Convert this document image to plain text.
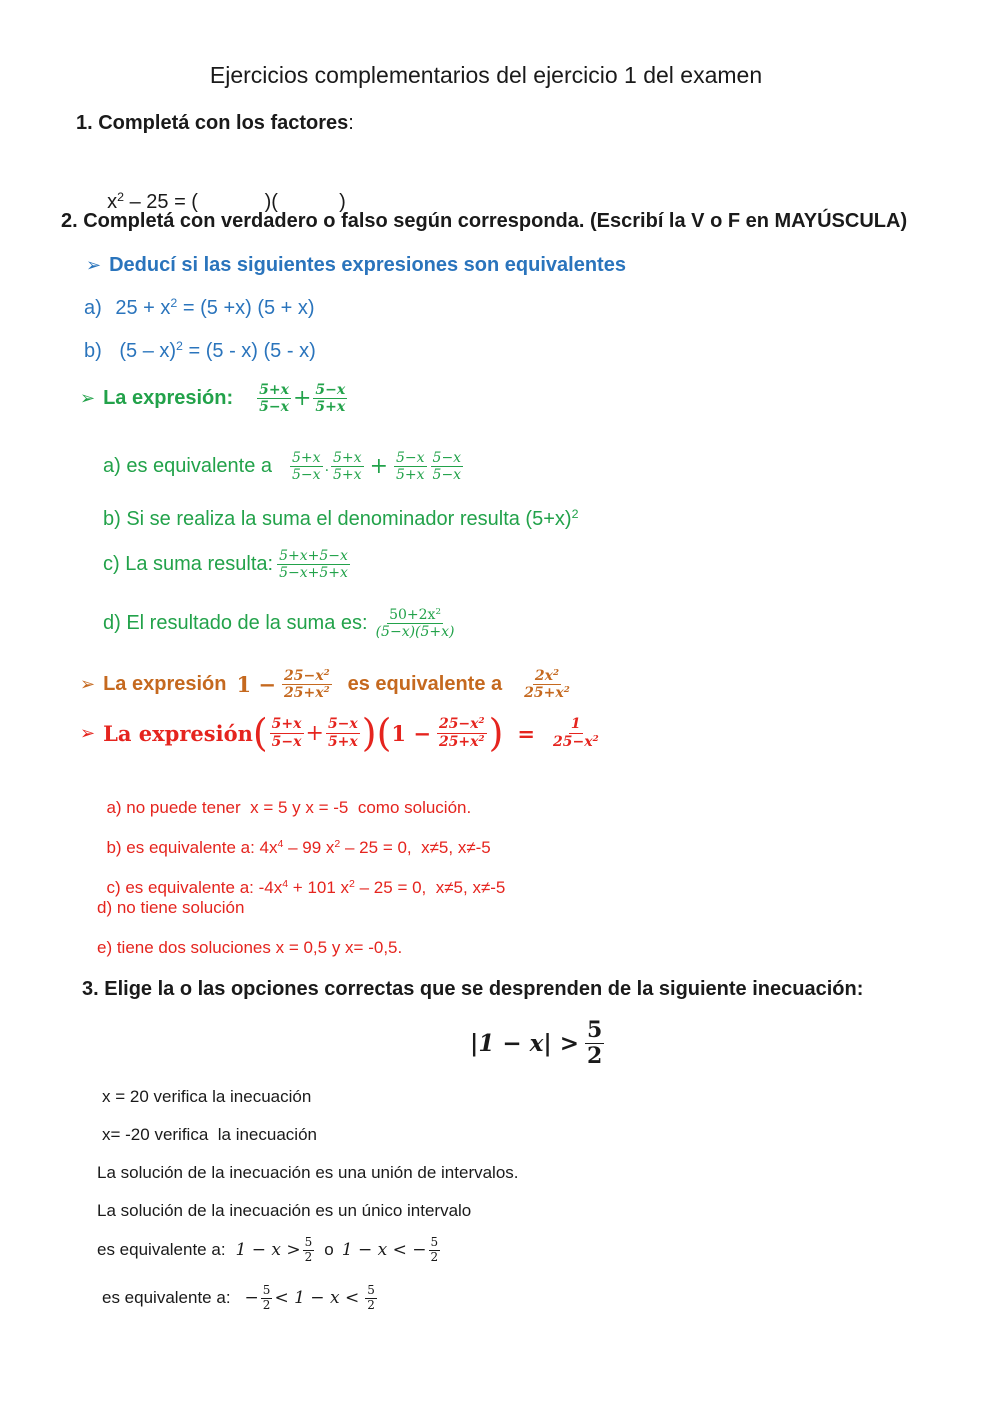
Ejercicios complementarios del ejercicio 1 del examen
1. Completá con los factores:

$x^2 - 25$ = (            )(           )

2. Completá con verdadero o falso según corresponda. (Escribí la V o F en MAYÚSCULA)
➢ Deducí si las siguientes expresiones son equivalentes
a) $25 + x^2 = (5 +x) (5 + x)$
b) (5 – x)$^2$ = (5 - x) (5 - x)
➢ La expresión: $\frac{5+x}{5-x} + \frac{5-x}{5+x}$
a) es equivalente a $\frac{5+x}{5-x}$ . $\frac{5+x}{5+x} + \frac{5-x}{5+x} \frac{5-x}{5-x}$
b) Si se realiza la suma el denominador resulta $(5+x)^2$
c) La suma resulta: $\frac{5+x+5-x}{5-x+5+x}$
d) El resultado de la suma es: $\frac{50+2x^2}{(5-x)(5+x)}$
➢ La expresión $1 - \frac{25-x^2}{25+x^2}$ es equivalente a $\frac{2x^2}{25+x^2}$
➢ La expresión ( $\frac{5+x}{5-x} + \frac{5-x}{5+x}$ ) ( $1 - \frac{25-x^2}{25+x^2}$ ) = $\frac{1}{25-x^2}$

a) no puede tener  x = 5 y x = -5  como solución.

b) es equivalente a: $4x^4 - 99$ $x^2 - 25 = 0$,  x≠5, x≠-5

c) es equivalente a: $-4x^4 + 101$ $x^2 - 25 = 0$,  x≠5, x≠-5

d) no tiene solución
e) tiene dos soluciones x = 0,5 y x= -0,5.
3. Elige la o las opciones correctas que se desprenden de la siguiente inecuación:
$|1 - x| > \frac{5}{2}$
x = 20 verifica la inecuación
x= -20 verifica  la inecuación
La solución de la inecuación es una unión de intervalos.
La solución de la inecuación es un único intervalo
es equivalente a: $1 - x > \frac{5}{2}$ o 1 − x < − $\frac{5}{2}$
es equivalente a: − $\frac{5}{2} < 1 - x < \frac{5}{2}$
